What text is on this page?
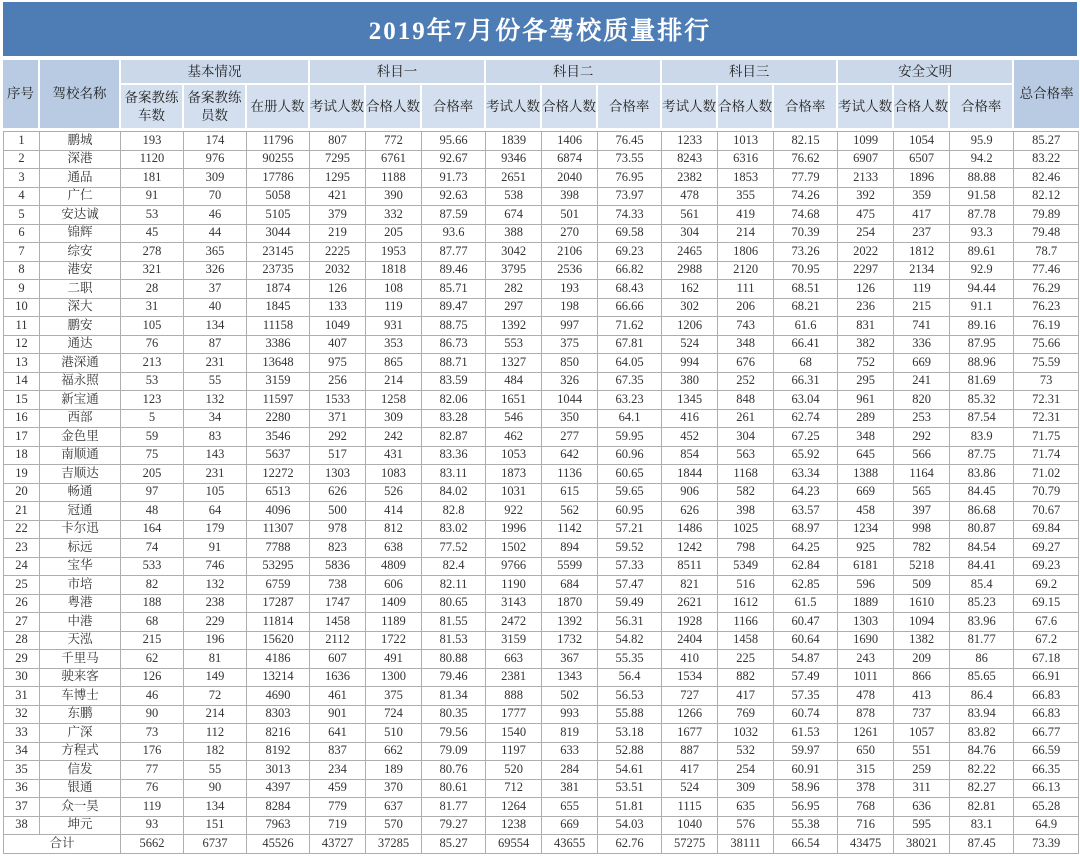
2019年7月份各驾校质量排行
序号	驾校名称	基本情况			科目一			科目二			科目三			安全文明			总合格率
		备案教练车数	备案教练员数	在册人数	考试人数	合格人数	合格率	考试人数	合格人数	合格率	考试人数	合格人数	合格率	考试人数	合格人数	合格率	
1	鹏城	193	174	11796	807	772	95.66	1839	1406	76.45	1233	1013	82.15	1099	1054	95.9	85.27
2	深港	1120	976	90255	7295	6761	92.67	9346	6874	73.55	8243	6316	76.62	6907	6507	94.2	83.22
3	通品	181	309	17786	1295	1188	91.73	2651	2040	76.95	2382	1853	77.79	2133	1896	88.88	82.46
4	广仁	91	70	5058	421	390	92.63	538	398	73.97	478	355	74.26	392	359	91.58	82.12
5	安达诚	53	46	5105	379	332	87.59	674	501	74.33	561	419	74.68	475	417	87.78	79.89
6	锦辉	45	44	3044	219	205	93.6	388	270	69.58	304	214	70.39	254	237	93.3	79.48
7	综安	278	365	23145	2225	1953	87.77	3042	2106	69.23	2465	1806	73.26	2022	1812	89.61	78.7
8	港安	321	326	23735	2032	1818	89.46	3795	2536	66.82	2988	2120	70.95	2297	2134	92.9	77.46
9	二职	28	37	1874	126	108	85.71	282	193	68.43	162	111	68.51	126	119	94.44	76.29
10	深大	31	40	1845	133	119	89.47	297	198	66.66	302	206	68.21	236	215	91.1	76.23
11	鹏安	105	134	11158	1049	931	88.75	1392	997	71.62	1206	743	61.6	831	741	89.16	76.19
12	通达	76	87	3386	407	353	86.73	553	375	67.81	524	348	66.41	382	336	87.95	75.66
13	港深通	213	231	13648	975	865	88.71	1327	850	64.05	994	676	68	752	669	88.96	75.59
14	福永照	53	55	3159	256	214	83.59	484	326	67.35	380	252	66.31	295	241	81.69	73
15	新宝通	123	132	11597	1533	1258	82.06	1651	1044	63.23	1345	848	63.04	961	820	85.32	72.31
16	西部	5	34	2280	371	309	83.28	546	350	64.1	416	261	62.74	289	253	87.54	72.31
17	金色里	59	83	3546	292	242	82.87	462	277	59.95	452	304	67.25	348	292	83.9	71.75
18	南顺通	75	143	5637	517	431	83.36	1053	642	60.96	854	563	65.92	645	566	87.75	71.74
19	吉顺达	205	231	12272	1303	1083	83.11	1873	1136	60.65	1844	1168	63.34	1388	1164	83.86	71.02
20	畅通	97	105	6513	626	526	84.02	1031	615	59.65	906	582	64.23	669	565	84.45	70.79
21	冠通	48	64	4096	500	414	82.8	922	562	60.95	626	398	63.57	458	397	86.68	70.67
22	卡尔迅	164	179	11307	978	812	83.02	1996	1142	57.21	1486	1025	68.97	1234	998	80.87	69.84
23	标远	74	91	7788	823	638	77.52	1502	894	59.52	1242	798	64.25	925	782	84.54	69.27
24	宝华	533	746	53295	5836	4809	82.4	9766	5599	57.33	8511	5349	62.84	6181	5218	84.41	69.23
25	市培	82	132	6759	738	606	82.11	1190	684	57.47	821	516	62.85	596	509	85.4	69.2
26	粤港	188	238	17287	1747	1409	80.65	3143	1870	59.49	2621	1612	61.5	1889	1610	85.23	69.15
27	中港	68	229	11814	1458	1189	81.55	2472	1392	56.31	1928	1166	60.47	1303	1094	83.96	67.6
28	天泓	215	196	15620	2112	1722	81.53	3159	1732	54.82	2404	1458	60.64	1690	1382	81.77	67.2
29	千里马	62	81	4186	607	491	80.88	663	367	55.35	410	225	54.87	243	209	86	67.18
30	驶来客	126	149	13214	1636	1300	79.46	2381	1343	56.4	1534	882	57.49	1011	866	85.65	66.91
31	车博士	46	72	4690	461	375	81.34	888	502	56.53	727	417	57.35	478	413	86.4	66.83
32	东鹏	90	214	8303	901	724	80.35	1777	993	55.88	1266	769	60.74	878	737	83.94	66.83
33	广深	73	112	8216	641	510	79.56	1540	819	53.18	1677	1032	61.53	1261	1057	83.82	66.77
34	方程式	176	182	8192	837	662	79.09	1197	633	52.88	887	532	59.97	650	551	84.76	66.59
35	信发	77	55	3013	234	189	80.76	520	284	54.61	417	254	60.91	315	259	82.22	66.35
36	银通	76	90	4397	459	370	80.61	712	381	53.51	524	309	58.96	378	311	82.27	66.13
37	众一昊	119	134	8284	779	637	81.77	1264	655	51.81	1115	635	56.95	768	636	82.81	65.28
38	坤元	93	151	7963	719	570	79.27	1238	669	54.03	1040	576	55.38	716	595	83.1	64.9
合计		5662	6737	45526	43727	37285	85.27	69554	43655	62.76	57275	38111	66.54	43475	38021	87.45	73.39
